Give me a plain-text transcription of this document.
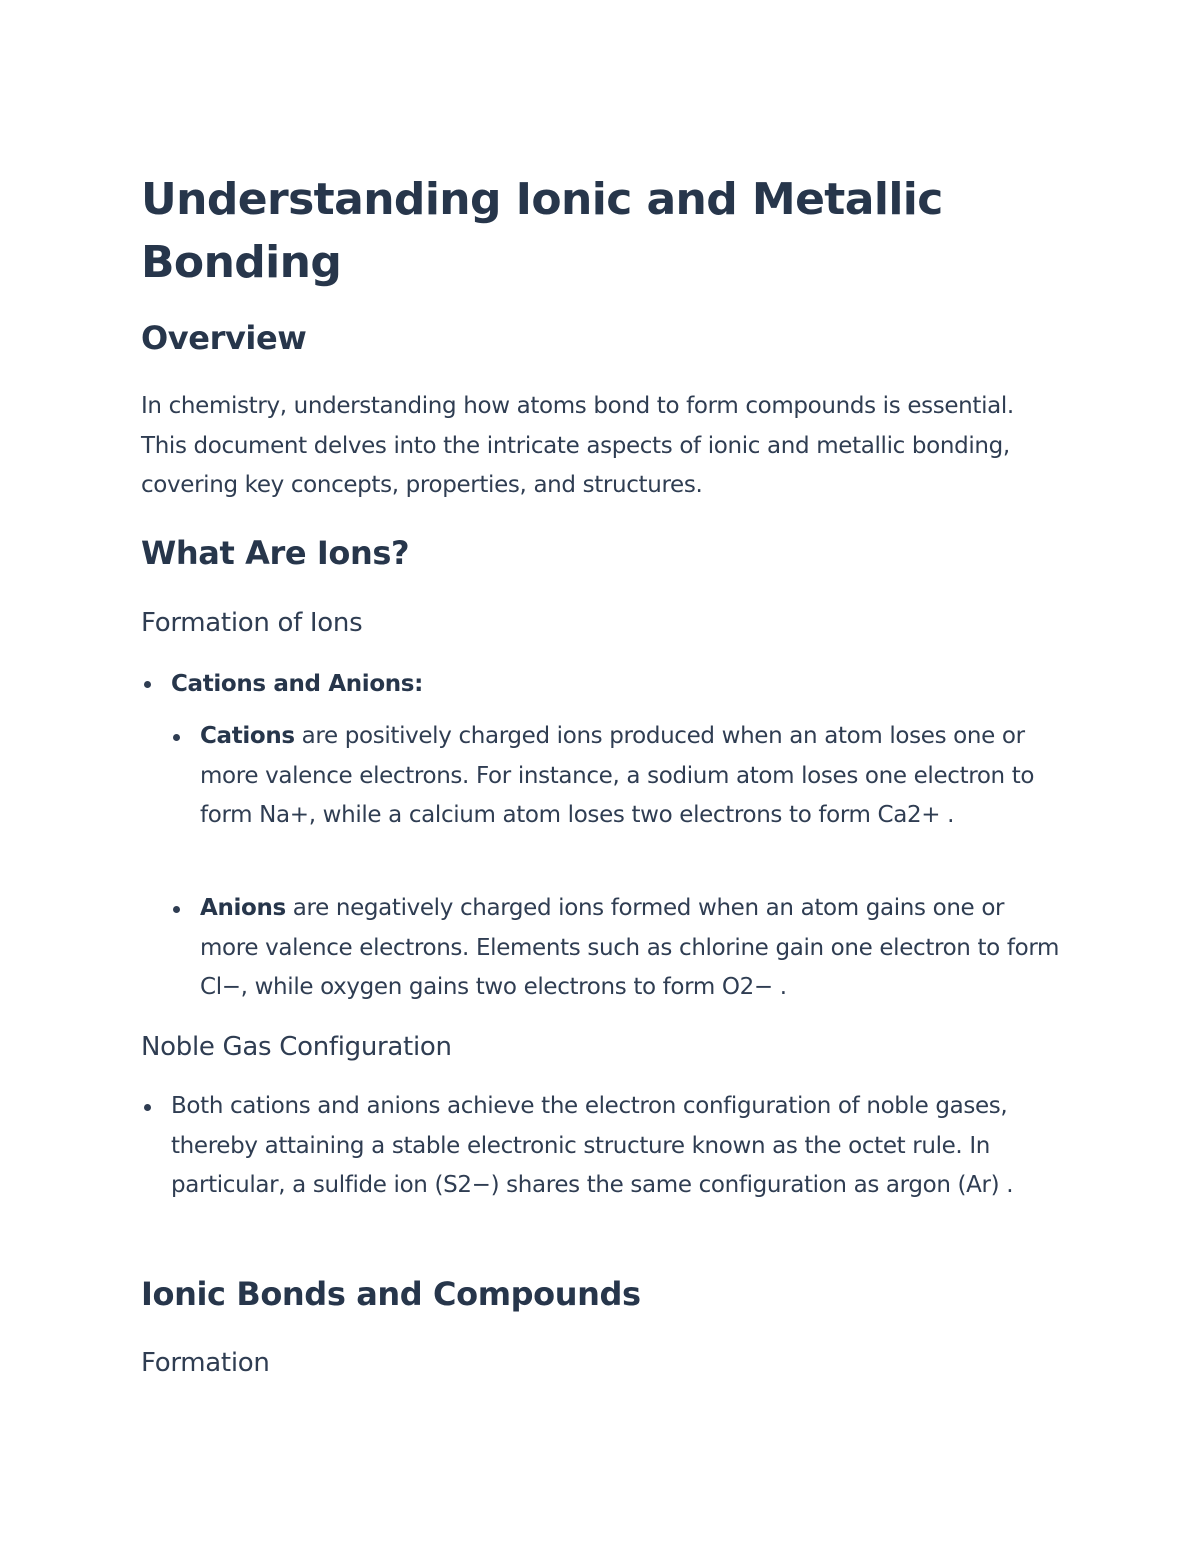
Understanding Ionic and Metallic Bonding
Overview

In chemistry, understanding how atoms bond to form compounds is essential. This document delves into the intricate aspects of ionic and metallic bonding, covering key concepts, properties, and structures.

What Are Ions?
Formation of Ions
Cations and Anions:
Cations are positively charged ions produced when an atom loses one or more valence electrons. For instance, a sodium atom loses one electron to form Na+, while a calcium atom loses two electrons to form Ca2+ .
Anions are negatively charged ions formed when an atom gains one or more valence electrons. Elements such as chlorine gain one electron to form Cl−, while oxygen gains two electrons to form O2− .
Noble Gas Configuration
Both cations and anions achieve the electron configuration of noble gases, thereby attaining a stable electronic structure known as the octet rule. In particular, a sulfide ion (S2−) shares the same configuration as argon (Ar) .
Ionic Bonds and Compounds
Formation
